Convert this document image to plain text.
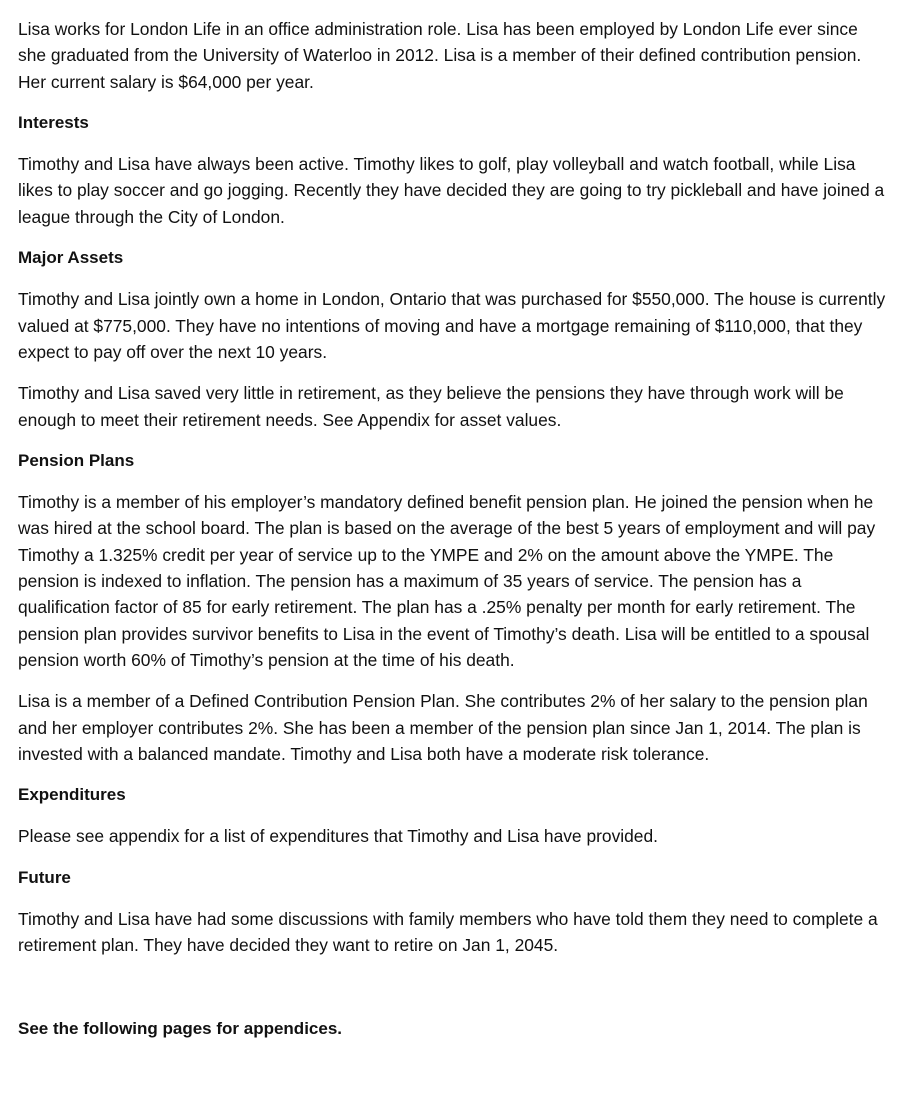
Lisa works for London Life in an office administration role. Lisa has been employed by London Life ever since she graduated from the University of Waterloo in 2012. Lisa is a member of their defined contribution pension. Her current salary is $64,000 per year.

Interests

Timothy and Lisa have always been active. Timothy likes to golf, play volleyball and watch football, while Lisa likes to play soccer and go jogging. Recently they have decided they are going to try pickleball and have joined a league through the City of London.

Major Assets

Timothy and Lisa jointly own a home in London, Ontario that was purchased for $550,000. The house is currently valued at $775,000. They have no intentions of moving and have a mortgage remaining of $110,000, that they expect to pay off over the next 10 years.

Timothy and Lisa saved very little in retirement, as they believe the pensions they have through work will be enough to meet their retirement needs. See Appendix for asset values.

Pension Plans

Timothy is a member of his employer’s mandatory defined benefit pension plan. He joined the pension when he was hired at the school board. The plan is based on the average of the best 5 years of employment and will pay Timothy a 1.325% credit per year of service up to the YMPE and 2% on the amount above the YMPE. The pension is indexed to inflation. The pension has a maximum of 35 years of service. The pension has a qualification factor of 85 for early retirement. The plan has a .25% penalty per month for early retirement. The pension plan provides survivor benefits to Lisa in the event of Timothy’s death. Lisa will be entitled to a spousal pension worth 60% of Timothy’s pension at the time of his death.

Lisa is a member of a Defined Contribution Pension Plan. She contributes 2% of her salary to the pension plan and her employer contributes 2%. She has been a member of the pension plan since Jan 1, 2014. The plan is invested with a balanced mandate. Timothy and Lisa both have a moderate risk tolerance.

Expenditures

Please see appendix for a list of expenditures that Timothy and Lisa have provided.

Future

Timothy and Lisa have had some discussions with family members who have told them they need to complete a retirement plan. They have decided they want to retire on Jan 1, 2045.

See the following pages for appendices.
